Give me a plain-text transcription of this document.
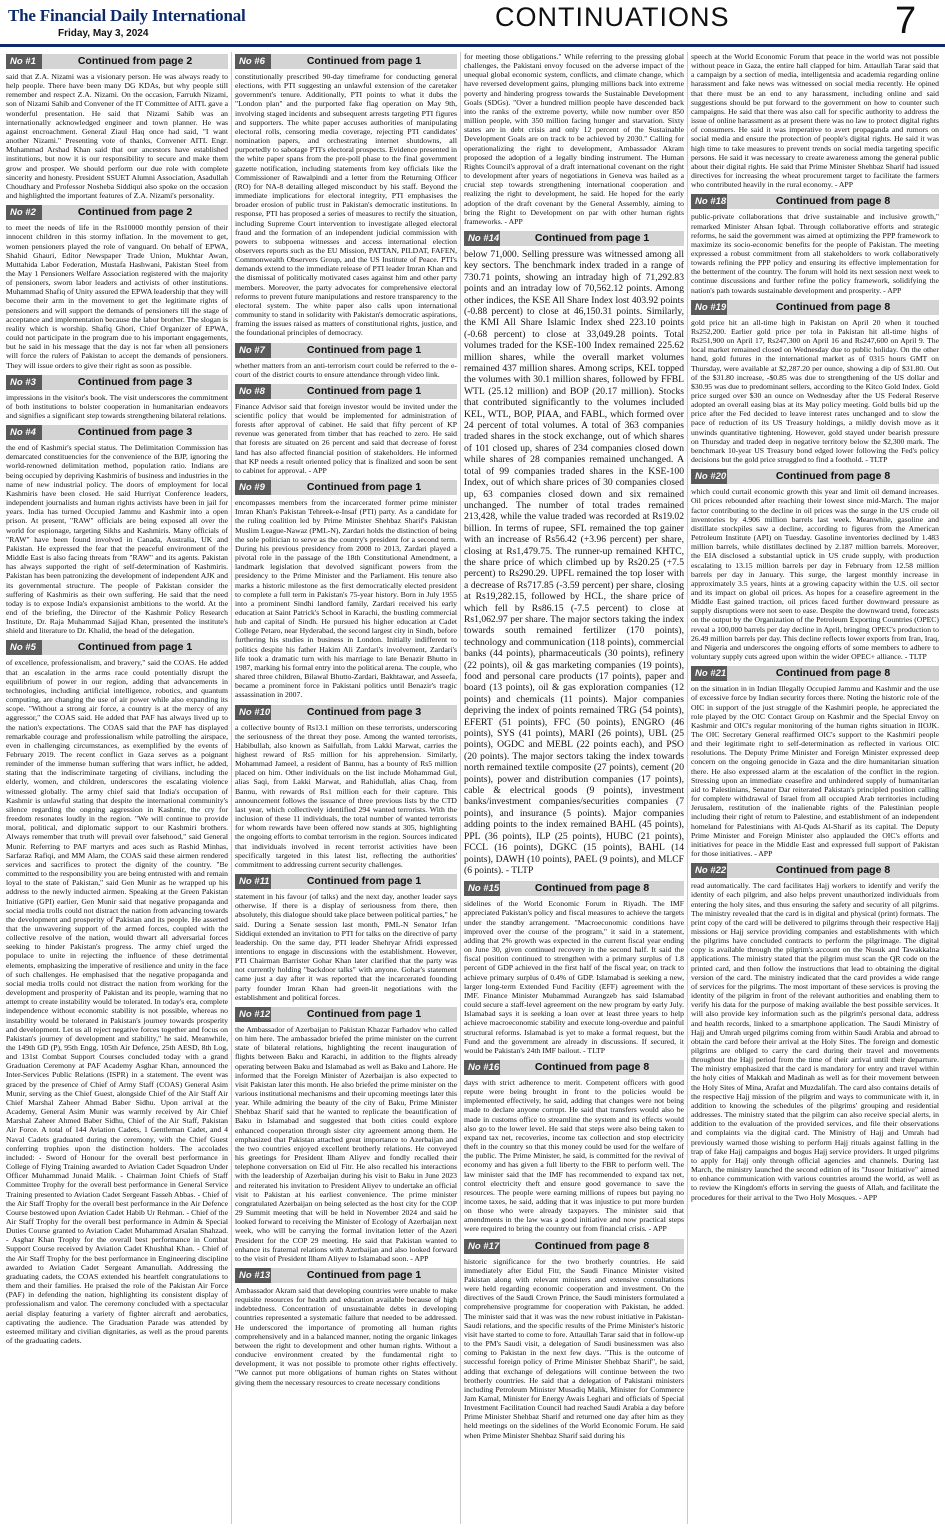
The Financial Daily International
Friday, May 3, 2024
CONTINUATIONS	7
No #1	Continued from page 2
said that Z.A. Nizami was a visionary person. He was always ready to help people. There have been many DG KDAs, but why people still remember and respect Z.A. Nizami. On the occasion, Farrukh Nizami, son of Nizami Sahib and Convener of the IT Committee of AITL gave a wonderful presentation. He said that Nizami Sahib was an internationally acknowledged engineer and town planner. He was against encroachment. General Ziaul Haq once had said, "I want another Nizami." Presenting vote of thanks, Convener AITL Engr. Muhammad Arshad Khan said that our ancestors have established institutions, but now it is our responsibility to secure and make them grow and prosper. We should perform our due role with complete sincerity and honesty. President SSUET Alumni Association, Asadullah Choudhary and Professor Nosheba Siddiqui also spoke on the occasion and highlighted the important features of Z.A. Nizami's personality.
No #2	Continued from page 2
to meet the needs of life in the Rs10000 monthly pension of their innocent children in this stormy inflation. In the movement to get, women pensioners played the role of vanguard. On behalf of EPWA, Shahid Ghauri, Editor Newspaper Trade Union, Mukhtar Awan, Muttahida Labor Federation, Mustafa Hashwani, Pakistan Steel from the May 1 Pensioners Welfare Association registered with the majority of pensioners, sworn labor leaders and activists of other institutions. Muhammad Shafiq of Unity assured the EPWA leadership that they will become their arm in the movement to get the legitimate rights of pensioners and will support the demands of pensioners till the stage of acceptance and implementation because the labor brother. The slogan is reality which is worship. Shafiq Ghori, Chief Organizer of EPWA, could not participate in the program due to his important engagements, but he said in his message that the day is not far when all pensioners will force the rulers of Pakistan to accept the demands of pensioners. They will issue orders to give their right as soon as possible.
No #3	Continued from page 3
impressions in the visitor's book. The visit underscores the commitment of both institutions to bolster cooperation in humanitarian endeavors and signifies a significant step towards strengthening bilateral relations.
No #4	Continued from page 3
the end of Kashmir's special status. The Delimitation Commission has demarcated constituencies for the convenience of the BJP, ignoring the world-renowned delimitation method, population ratio. Indians are being occupied by depriving Kashmiris of business and industries in the name of new industrial policy. The doors of employment for local Kashmiris have been closed. He said Hurriyat Conference leaders, independent journalists and human rights activists have been in jail for years. India has turned Occupied Jammu and Kashmir into a open prison. At present, "RAW" officials are being exposed all over the world for espionage, targeting Sikhs and Kashmiris. Many officials of "RAW" have been found involved in Canada, Australia, UK and Pakistan. He expressed the fear that the peaceful environment of the Middle East is also facing threats from "RAW" and its agents. Pakistan has always supported the right of self-determination of Kashmiris. Pakistan has been patronizing the development of independent AJK and its governmental structure. The people of Pakistan consider the suffering of Kashmiris as their own suffering. He said that the need today is to expose India's expansionist ambitions to the world. At the end of the briefing, the Director of the Kashmir Policy Research Institute, Dr. Raja Muhammad Sajjad Khan, presented the institute's shield and literature to Dr. Khalid, the head of the delegation.
No #5	Continued from page 1
of excellence, professionalism, and bravery," said the COAS. He added that an escalation in the arms race could potentially disrupt the equilibrium of power in our region, adding that advancements in technologies, including artificial intelligence, robotics, and quantum computing, are changing the use of air power while also expanding its scope. "Without a strong air force, a country is at the mercy of any aggressor," the COAS said. He added that PAF has always lived up to the nation's expectations. The COAS said that the PAF has displayed remarkable courage and professionalism while patrolling the airspace, even in challenging circumstances, as exemplified by the events of February 2019. The recent conflict in Gaza serves as a poignant reminder of the immense human suffering that wars inflict, he added, stating that the indiscriminate targeting of civilians, including the elderly, women, and children, underscores the escalating violence witnessed globally. The army chief said that India's occupation of Kashmir is unlawful stating that despite the international community's silence regarding the ongoing aggression in Kashmir, the cry for freedom resonates loudly in the region. "We will continue to provide moral, political, and diplomatic support to our Kashmiri brothers. Always remember that truth will prevail over falsehood," said General Munir. Referring to PAF martyrs and aces such as Rashid Minhas, Sarfaraz Rafiqi, and MM Alam, the COAS said these airmen rendered services and sacrifices to protect the dignity of the country. "Be committed to the responsibility you are being entrusted with and remain loyal to the state of Pakistan," said Gen Munir as he wrapped up his address to the newly inducted airmen. Speaking at the Green Pakistan Initiative (GPI) earlier, Gen Munir said that negative propaganda and social media trolls could not distract the nation from advancing towards the development and prosperity of Pakistan and its people. He asserted that the unwavering support of the armed forces, coupled with the collective resolve of the nation, would thwart all adversarial forces seeking to hinder Pakistan's progress. The army chief urged the populace to unite in rejecting the influence of these detrimental elements, emphasizing the imperative of resilience and unity in the face of such challenges. He emphasised that the negative propaganda and social media trolls could not distract the nation from working for the development and prosperity of Pakistan and its people, warning that no attempt to create instability would be tolerated. In today's era, complete independence without economic stability is not possible, whereas no instability would be tolerated in Pakistan's journey towards prosperity and development. Let us all reject negative forces together and focus on Pakistan's journey of development and stability," he said. Meanwhile, the 149th GD (P), 95th Engg, 105th Air Defence, 25th AESD, 8th Log, and 131st Combat Support Courses concluded today with a grand Graduation Ceremony at PAF Academy Asghar Khan, announced the Inter-Services Public Relations (ISPR) in a statement. The event was graced by the presence of Chief of Army Staff (COAS) General Asim Munir, serving as the Chief Guest, alongside Chief of the Air Staff Air Chief Marshal Zaheer Ahmad Baber Sidhu. Upon arrival at the Academy, General Asim Munir was warmly received by Air Chief Marshal Zaheer Ahmed Baber Sidhu, Chief of the Air Staff, Pakistan Air Force. A total of 144 Aviation Cadets, 1 Gentleman Cadet, and 4 Naval Cadets graduated during the ceremony, with the Chief Guest conferring trophies upon the distinction holders. The accolades included: - Sword of Honour for the overall best performance in College of Flying Training awarded to Aviation Cadet Squadron Under Officer Muhammad Junaid Malik. - Chairman Joint Chiefs of Staff Committee Trophy for the overall best performance in General Service Training presented to Aviation Cadet Sergeant Fasseh Abbas. - Chief of the Air Staff Trophy for the overall best performance in the Air Defence Course bestowed upon Aviation Cadet Habib Ur Rehman. - Chief of the Air Staff Trophy for the overall best performance in Admin & Special Duties Course granted to Aviation Cadet Muhammad Arsalan Shahzad. - Asghar Khan Trophy for the overall best performance in Combat Support Course received by Aviation Cadet Khushhal Khan. - Chief of the Air Staff Trophy for the best performance in Engineering discipline awarded to Aviation Cadet Sergeant Amanullah. Addressing the graduating cadets, the COAS extended his heartfelt congratulations to them and their families. He praised the role of the Pakistan Air Force (PAF) in defending the nation, highlighting its consistent display of professionalism and valor. The ceremony concluded with a spectacular aerial display featuring a variety of fighter aircraft and aerobatics, captivating the audience. The Graduation Parade was attended by esteemed military and civilian dignitaries, as well as the proud parents of the graduating cadets.
No #6	Continued from page 1
constitutionally prescribed 90-day timeframe for conducting general elections, with PTI suggesting an unlawful extension of the caretaker government's tenure. Additionally, PTI points to what it dubs the "London plan" and the purported fake flag operation on May 9th, involving staged incidents and subsequent arrests targeting PTI figures and supporters. The white paper accuses authorities of manipulating electoral rolls, censoring media coverage, rejecting PTI candidates' nomination papers, and orchestrating internet shutdowns, all purportedly to sabotage PTI's electoral prospects. Evidence presented in the white paper spans from the pre-poll phase to the final government gazette notification, including statements from key officials like the Commissioner of Rawalpindi and a letter from the Returning Officer (RO) for NA-8 detailing alleged misconduct by his staff. Beyond the immediate implications for electoral integrity, PTI emphasises the broader erosion of public trust in Pakistan's democratic institutions. In response, PTI has proposed a series of measures to rectify the situation, including Supreme Court intervention to investigate alleged electoral fraud and the formation of an independent judicial commission with powers to subpoena witnesses and access international election observers reports such as the EU Mission, PATTAN, PILDAT, FAFEN, Commonwealth Observers Group, and the US Institute of Peace. PTI's demands extend to the immediate release of PTI leader Imran Khan and the dismissal of politically motivated cases against him and other party members. Moreover, the party advocates for comprehensive electoral reforms to prevent future manipulations and restore transparency to the electoral system. The white paper also calls upon international community to stand in solidarity with Pakistan's democratic aspirations, framing the issues raised as matters of constitutional rights, justice, and the foundational principles of democracy.
No #7	Continued from page 1
whether matters from an anti-terrorism court could be referred to the e-court of the district courts to ensure attendance through video link.
No #8	Continued from page 1
Finance Advisor said that foreign investor would be invited under the scientific policy that would be implemented for administration of forests after approval of cabinet. He said that fifty percent of KP revenue was generated from timber that has reached to zero. He said that forests are situated on 26 percent and said that decrease of forest land has also affected financial position of stakeholders. He informed that KP needs a result oriented policy that is finalized and soon be sent to cabinet for approval. - APP
No #9	Continued from page 1
encompasses members from the incarcerated former prime minister Imran Khan's Pakistan Tehreek-e-Insaf (PTI) party. As a candidate for the ruling coalition led by Prime Minister Shehbaz Sharif's Pakistan Muslim League-Nawaz (PML-N), Zardari holds the distinction of being the sole politician to serve as the country's president for a second term. During his previous presidency from 2008 to 2013, Zardari played a pivotal role in the passage of the 18th Constitutional Amendment, a landmark legislation that devolved significant powers from the presidency to the Prime Minister and the Parliament. His tenure also marks a historic milestone as the first democratically elected president to complete a full term in Pakistan's 75-year history. Born in July 1955 into a prominent Sindhi landlord family, Zardari received his early education at Saint Patrick's School in Karachi, the bustling commercial hub and capital of Sindh. He pursued his higher education at Cadet College Petaro, near Hyderabad, the second largest city in Sindh, before furthering his studies in business in London. Initially indifferent to politics despite his father Hakim Ali Zardari's involvement, Zardari's life took a dramatic turn with his marriage to late Benazir Bhutto in 1987, marking his formal entry into the political arena. The couple, who shared three children, Bilawal Bhutto-Zardari, Bakhtawar, and Asseefa, became a prominent force in Pakistani politics until Benazir's tragic assassination in 2007.
No #10	Continued from page 3
a collective bounty of Rs13.1 million on these terrorists, underscoring the seriousness of the threat they pose. Among the wanted terrorists, Habibullah, also known as Saifullah, from Lakki Marwat, carries the highest reward of Rs5 million for his apprehension. Similarly, Mohammad Jameel, a resident of Bannu, has a bounty of Rs5 million placed on him. Other individuals on the list include Mohammad Gul, alias Saqi, from Lakki Marwat, and Rahidullah, alias Chaq, from Bannu, with rewards of Rs1 million each for their capture. This announcement follows the issuance of three previous lists by the CTD last year, which collectively identified 294 wanted terrorists. With the inclusion of these 11 individuals, the total number of wanted terrorists for whom rewards have been offered now stands at 305, highlighting the ongoing efforts to combat terrorism in the region. Sources indicated that individuals involved in recent terrorist activities have been specifically targeted in this latest list, reflecting the authorities' commitment to addressing current security challenges.
No #11	Continued from page 1
statement in his favour (of talks) and the next day, another leader says otherwise. If there is a display of seriousness from there, then absolutely, this dialogue should take place between political parties," he said. During a Senate session last month, PML-N Senator Irfan Siddiqui extended an invitation to PTI for talks on the directive of party leadership. On the same day, PTI leader Shehryar Afridi expressed intentions to engage in discussions with the establishment. However, PTI Chairman Barrister Gohar Khan later clarified that the party was not currently holding "backdoor talks" with anyone. Gohar's statement came just a day after it was reported that the incarcerated founding party founder Imran Khan had green-lit negotiations with the establishment and political forces.
No #12	Continued from page 1
the Ambassador of Azerbaijan to Pakistan Khazar Farhadov who called on him here. The ambassador briefed the prime minister on the current state of bilateral relations, highlighting the recent inauguration of flights between Baku and Karachi, in addition to the flights already operating between Baku and Islamabad as well as Baku and Lahore. He informed that the Foreign Minister of Azerbaijan is also expected to visit Pakistan later this month. He also briefed the prime minister on the various institutional mechanisms and their upcoming meetings later this year. While admiring the beauty of the city of Baku, Prime Minister Shehbaz Sharif said that he wanted to replicate the beautification of Baku in Islamabad and suggested that both cities could explore enhanced cooperation through sister city agreement among them. He emphasized that Pakistan attached great importance to Azerbaijan and the two countries enjoyed excellent brotherly relations. He conveyed his greetings for President Ilham Aliyev and fondly recalled their telephone conversation on Eid ul Fitr. He also recalled his interactions with the leadership of Azerbaijan during his visit to Baku in June 2023 and reiterated his invitation to President Aliyev to undertake an official visit to Pakistan at his earliest convenience. The prime minister congratulated Azerbaijan on being selected as the host city for the COP 29 Summit meeting that will be held in November 2024 and said he looked forward to receiving the Minister of Ecology of Azerbaijan next week, who will be carrying the formal invitation letter of the Azeri President for the COP 29 meeting. He said that Pakistan wanted to enhance its fraternal relations with Azerbaijan and also looked forward to the visit of President Ilham Aliyev to Islamabad soon. - APP
No #13	Continued from page 1
Ambassador Akram said that developing countries were unable to make requisite resources for health and education available because of high indebtedness. Concentration of unsustainable debts in developing countries represented a systematic failure that needed to be addressed. He underscored the importance of promoting all human rights comprehensively and in a balanced manner, noting the organic linkages between the right to development and other human rights. Without a conducive environment created by the fundamental right to development, it was not possible to promote other rights effectively. "We cannot put more obligations of human rights on States without giving them the necessary resources to create necessary conditions
for meeting those obligations." While referring to the pressing global challenges, the Pakistani envoy focused on the adverse impact of the unequal global economic system, conflicts, and climate change, which have reversed development gains, plunging millions back into extreme poverty and hindering progress towards the Sustainable Development Goals (SDGs). "Over a hundred million people have descended back into the ranks of the extreme poverty, while now number over 850 million people, with 350 million facing hunger and starvation. Sixty states are in debt crisis and only 12 percent of the Sustainable Development Goals are on track to be achieved by 2030." Calling for operationalizing the right to development, Ambassador Akram proposed the adoption of a legally binding instrument. The Human Rights Council's approval of a draft international covenant on the right to development after years of negotiations in Geneva was hailed as a crucial step towards strengthening international cooperation and realizing the right to development, he said. He hoped for the early adoption of the draft covenant by the General Assembly, aiming to bring the Right to Development on par with other human rights frameworks. - APP
No #14	Continued from page 1
below 71,000. Selling pressure was witnessed among all key sectors. The benchmark index traded in a range of 730.71 points, showing an intraday high of 71,292.83 points and an intraday low of 70,562.12 points. Among other indices, the KSE All Share Index lost 403.92 points (-0.88 percent) to close at 46,150.31 points. Similarly, the KMI All Share Islamic Index shed 223.10 points (-0.68 percent) to close at 33,049.28 points. Total volumes traded for the KSE-100 Index remained 225.62 million shares, while the overall market volumes remained 437 million shares. Among scrips, KEL topped the volumes with 30.1 million shares, followed by FFBL WTL (25.12 million) and BOP (20.17 million). Stocks that contributed significantly to the volumes included KEL, WTL, BOP, PIAA, and FABL, which formed over 24 percent of total volumes. A total of 363 companies traded shares in the stock exchange, out of which shares of 101 closed up, shares of 234 companies closed down while shares of 28 companies remained unchanged. A total of 99 companies traded shares in the KSE-100 Index, out of which share prices of 30 companies closed up, 63 companies closed down and six remained unchanged. The number of total trades remained 213,428, while the value traded was recorded at Rs19.02 billion. In terms of rupee, SFL remained the top gainer with an increase of Rs56.42 (+3.96 percent) per share, closing at Rs1,479.75. The runner-up remained KHTC, the share price of which climbed up by Rs20.25 (+7.5 percent) to Rs290.29. UPFL remained the top loser with a decrease of Rs717.85 (-3.59 percent) per share, closing at Rs19,282.15, followed by HCL, the share price of which fell by Rs86.15 (-7.5 percent) to close at Rs1,062.97 per share. The major sectors taking the index towards south remained fertilizer (170 points), technology and communication (118 points), commercial banks (44 points), pharmaceuticals (30 points), refinery (22 points), oil & gas marketing companies (19 points), food and personal care products (17 points), paper and board (13 points), oil & gas exploration companies (12 points) and chemicals (11 points). Major companies depriving the index of points remained TRG (54 points), EFERT (51 points), FFC (50 points), ENGRO (46 points), SYS (41 points), MARI (26 points), UBL (25 points), OGDC and MEBL (22 points each), and PSO (20 points). The major sectors taking the index towards north remained textile composite (27 points), cement (20 points), power and distribution companies (17 points), cable & electrical goods (9 points), investment banks/investment companies/securities companies (7 points), and insurance (5 points). Major companies adding points to the index remained BAHL (45 points), PPL (36 points), ILP (25 points), HUBC (21 points), FCCL (16 points), DGKC (15 points), BAHL (14 points), DAWH (10 points), PAEL (9 points), and MLCF (6 points). - TLTP
No #15	Continued from page 8
sidelines of the World Economic Forum in Riyadh. The IMF appreciated Pakistan's policy and fiscal measures to achieve the targets under the standby arrangement. "Macroeconomic conditions have improved over the course of the program," it said in a statement, adding that 2% growth was expected in the current fiscal year ending on June 30, given continued recovery in the second half. It said the fiscal position continued to strengthen with a primary surplus of 1.8 percent of GDP achieved in the first half of the fiscal year, on track to achieve primary surplus of 0.4% of GDP. Islamabad is seeking a new, larger long-term Extended Fund Facility (EFF) agreement with the IMF. Finance Minister Muhammad Aurangzeb has said Islamabad could secure a staff-level agreement on the new program by early July. Islamabad says it is seeking a loan over at least three years to help achieve macroeconomic stability and execute long-overdue and painful structural reforms. Islamabad is yet to make a formal request, but the Fund and the government are already in discussions. If secured, it would be Pakistan's 24th IMF bailout. - TLTP
No #16	Continued from page 8
days with strict adherence to merit. Competent officers with good repute were being brought in front to the policies would be implemented effectively, he said, adding that changes were not being made to declare anyone corrupt. He said that transfers would also be made in customs office to streamline the system and its effects would also go to the lower level. He said that steps were also being taken to expand tax net, recoveries, income tax collection and stop electricity theft in the country so that this money could be used for the welfare of the public. The Prime Minister, he said, is committed for the revival of economy and has given a full liberty to the FBR to perform well. The law minister said that the IMF has recommended to expand tax net, control electricity theft and ensure good governance to save the resources. The people were earning millions of rupees but paying no income taxes, he said, adding that it was injustice to put more burden on those who were already taxpayers. The minister said that amendments in the law was a good initiative and now practical steps were required to bring the country out from financial crisis. - APP
No #17	Continued from page 8
historic significance for the two brotherly countries. He said immediately after Eidul Fitr, the Saudi Finance Minister visited Pakistan along with relevant ministers and extensive consultations were held regarding economic cooperation and investment. On the directives of the Saudi Crown Prince, the Saudi ministers formulated a comprehensive programme for cooperation with Pakistan, he added. The minister said that it was was the new robust initiative in Pakistan-Saudi relations, and the specific results of the Prime Minister's historic visit have started to come to fore. Attaullah Tarar said that in follow-up to the PM's Saudi visit, a delegation of Saudi businessmen was also coming to Pakistan in the next few days. "This is the outcome of successful foreign policy of Prime Minister Shehbaz Sharif", he said, adding that exchange of delegations will continue between the two brotherly countries. He said that a delegation of Pakistani ministers including Petroleum Minister Musadiq Malik, Minister for Commerce Jam Kamal, Minister for Energy Awais Leghari and officials of Special Investment Facilitation Council had reached Saudi Arabia a day before Prime Minister Shehbaz Sharif and returned one day after him as they held meetings on the sidelines of the World Economic Forum. He said when Prime Minister Shehbaz Sharif said during his
speech at the World Economic Forum that peace in the world was not possible without peace in Gaza, the entire hall clapped for him. Attaullah Tarar said that a campaign by a section of media, intelligentsia and academia regarding online harassment and fake news was witnessed on social media recently. He opined that there must be an end to any harassment, including online and said suggestions should be put forward to the government on how to counter such campaigns. He said that there was also call for specific authority to address the issue of online harassment as at present there was no law to protect digital rights of consumers. He said it was imperative to avert propaganda and rumors on social media and ensure the protection of people's digital rights. He said it was high time to take measures to prevent trends on social media targeting specific persons. He said it was necessary to create awareness among the general public about their digital rights. He said that Prime Minister Shehbaz Sharif had issued directives for increasing the wheat procurement target to facilitate the farmers who contributed heavily in the rural economy. - APP
No #18	Continued from page 8
public-private collaborations that drive sustainable and inclusive growth," remarked Minister Ahsan Iqbal. Through collaborative efforts and strategic reforms, he said the government was aimed at optimizing the PPP framework to maximize its socio-economic benefits for the people of Pakistan. The meeting expressed a robust commitment from all stakeholders to work collaboratively towards refining the PPP policy and ensuring its effective implementation for the betterment of the country. The forum will hold its next session next week to continue discussions and further refine the policy framework, solidifying the nation's path towards sustainable development and prosperity. - APP
No #19	Continued from page 8
gold price hit an all-time high in Pakistan on April 20 when it touched Rs252,200. Earlier gold price per tola in Pakistan hit all-time highs of Rs251,900 on April 17, Rs247,300 on April 16 and Rs247,600 on April 9. The local market remained closed on Wednesday due to public holiday. On the other hand, gold futures in the international market as of 0315 hours GMT on Thursday, were available at $2,287.20 per ounce, showing a dip of $31.80. Out of the $31.80 increase, -$0.85 was due to strengthening of the US dollar and $30.95 was due to predominant sellers, according to the Kitco Gold Index. Gold price surged over $30 an ounce on Wednesday after the US Federal Reserve adopted an overall easing bias at its May policy meeting. Gold bulls bid up the price after the Fed decided to leave interest rates unchanged and to slow the pace of reduction of its US Treasury holdings, a mildly dovish move as it unwinds quantitative tightening. However, gold stayed under bearish pressure on Thursday and traded deep in negative territory below the $2,300 mark. The benchmark 10-year US Treasury bond edged lower following the Fed's policy decisions but the gold price struggled to find a foothold. - TLTP
No #20	Continued from page 8
which could curtail economic growth this year and limit oil demand increases. Oil prices rebounded after reaching their lowest since mid-March. The major factor contributing to the decline in oil prices was the surge in the US crude oil inventories by 4.906 million barrels last week. Meanwhile, gasoline and distillate stockpiles saw a decline, according to figures from the American Petroleum Institute (API) on Tuesday. Gasoline inventories declined by 1.483 million barrels, while distillates declined by 2.187 million barrels. Moreover, the EIA disclosed a substantial uptick in US crude supply, with production escalating to 13.15 million barrels per day in February from 12.58 million barrels per day in January. This surge, the largest monthly increase in approximately 3.5 years, hints at a growing capacity within the U.S. oil sector and its impact on global oil prices. As hopes for a ceasefire agreement in the Middle East gained traction, oil prices faced further downward pressure as supply disruptions were not seen to ease. Despite the downward trend, forecasts on the output by the Organization of the Petroleum Exporting Countries (OPEC) reveal a 100,000 barrels per day decline in April, bringing OPEC's production to 26.49 million barrels per day. This decline reflects lower exports from Iran, Iraq, and Nigeria and underscores the ongoing efforts of some members to adhere to voluntary supply cuts agreed upon within the wider OPEC+ alliance. - TLTP
No #21	Continued from page 8
on the situation in in Indian Illegally Occupied Jammu and Kashmir and the use of excessive force by Indian security forces there. Noting the historic role of the OIC in support of the just struggle of the Kashmiri people, he appreciated the role played by the OIC Contact Group on Kashmir and the Special Envoy on Kashmir and OIC's regular monitoring of the human rights situation in IIOJK. The OIC Secretary General reaffirmed OIC's support to the Kashmiri people and their legitimate right to self-determination as reflected in various OIC resolutions. The Deputy Prime Minister and Foreign Minister expressed deep concern on the ongoing genocide in Gaza and the dire humanitarian situation there. He also expressed alarm at the escalation of the conflict in the region. Stressing upon an immediate ceasefire and unhindered supply of humanitarian aid to Palestinians, Senator Dar reiterated Pakistan's principled position calling for complete withdrawal of Israel from all occupied Arab territories including Jerusalem, restitution of the inalienable rights of the Palestinian people including their right of return to Palestine, and establishment of an independent homeland for Palestinians with Al-Quds Al-Sharif as its capital. The Deputy Prime Minister and Foreign Minister also applauded the OIC's efforts and initiatives for peace in the Middle East and expressed full support of Pakistan for those initiatives. - APP
No #22	Continued from page 8
read automatically. The card facilitates Hajj workers to identify and verify the identity of each pilgrim, and also helps prevent unauthorized individuals from entering the holy sites, and thus ensuring the safety and security of all pilgrims. The ministry revealed that the card is in digital and physical (print) formats. The print copy of the card will be delivered to pilgrims through their respective Hajj missions or Hajj service providing companies and establishments with which the pilgrims have concluded contracts to perform the pilgrimage. The digital copy is available through the pilgrim's account on the Nusuk and Tawakkalna applications. The ministry stated that the pilgrim must scan the QR code on the printed card, and then follow the instructions that lead to obtaining the digital version of the card. The ministry indicated that the card provides a wide range of services for the pilgrims. The most important of these services is proving the identity of the pilgrim in front of the relevant authorities and enabling them to verify his data for the purpose of making available the best possible services. It will also provide key information such as the pilgrim's personal data, address and health records, linked to a smartphone application. The Saudi Ministry of Hajj and Umrah urged pilgrims coming from within Saudi Arabia and abroad to obtain the card before their arrival at the Holy Sites. The foreign and domestic pilgrims are obliged to carry the card during their travel and movements throughout the Hajj period from the time of their arrival until their departure. The ministry emphasized that the card is mandatory for entry and travel within the holy cities of Makkah and Madinah as well as for their movement between the Holy Sites of Mina, Arafat and Muzdalifah. The card also contains details of the respective Hajj mission of the pilgrim and ways to communicate with it, in addition to knowing the schedules of the pilgrims' grouping and residential addresses. The ministry stated that the pilgrim can also receive special alerts, in addition to the evaluation of the provided services, and file their observations and complaints via the digital card. The Ministry of Hajj and Umrah had previously warned those wishing to perform Hajj rituals against falling in the trap of fake Hajj campaigns and bogus Hajj service providers. It urged pilgrims to apply for Hajj only through official agencies and channels. During last March, the ministry launched the second edition of its "Jusoor Initiative" aimed to enhance communication with various countries around the world, as well as to review the Kingdom's efforts in serving the guests of Allah, and facilitate the procedures for their arrival to the Two Holy Mosques. - APP
